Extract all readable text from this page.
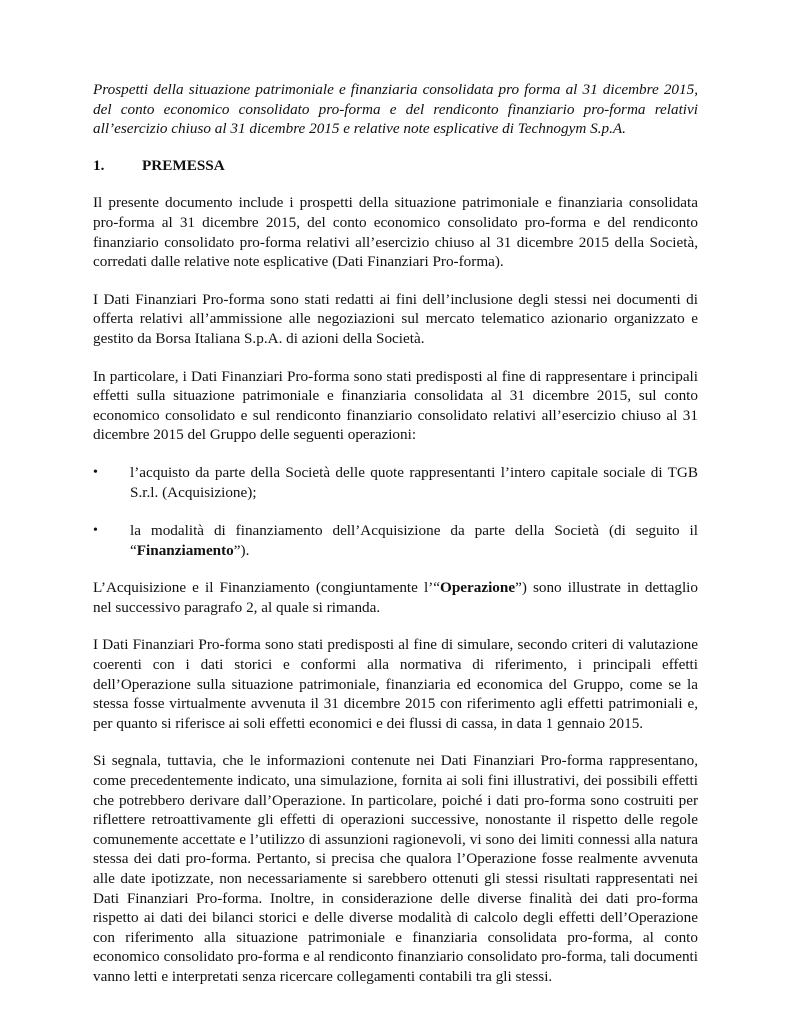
Prospetti della situazione patrimoniale e finanziaria consolidata pro forma al 31 dicembre 2015, del conto economico consolidato pro-forma e del rendiconto finanziario pro-forma relativi all’esercizio chiuso al 31 dicembre 2015 e relative note esplicative di Technogym S.p.A.

1.	PREMESSA

Il presente documento include i prospetti della situazione patrimoniale e finanziaria consolidata pro-forma al 31 dicembre 2015, del conto economico consolidato pro-forma e del rendiconto finanziario consolidato pro-forma relativi all’esercizio chiuso al 31 dicembre 2015 della Società, corredati dalle relative note esplicative (Dati Finanziari Pro-forma).

I Dati Finanziari Pro-forma sono stati redatti ai fini dell’inclusione degli stessi nei documenti di offerta relativi all’ammissione alle negoziazioni sul mercato telematico azionario organizzato e gestito da Borsa Italiana S.p.A. di azioni della Società.

In particolare, i Dati Finanziari Pro-forma sono stati predisposti al fine di rappresentare i principali effetti sulla situazione patrimoniale e finanziaria consolidata al 31 dicembre 2015, sul conto economico consolidato e sul rendiconto finanziario consolidato relativi all’esercizio chiuso al 31 dicembre 2015 del Gruppo delle seguenti operazioni:

•	l’acquisto da parte della Società delle quote rappresentanti l’intero capitale sociale di TGB S.r.l. (Acquisizione);
•	la modalità di finanziamento dell’Acquisizione da parte della Società (di seguito il “Finanziamento”).

L’Acquisizione e il Finanziamento (congiuntamente l’“Operazione”) sono illustrate in dettaglio nel successivo paragrafo 2, al quale si rimanda.

I Dati Finanziari Pro-forma sono stati predisposti al fine di simulare, secondo criteri di valutazione coerenti con i dati storici e conformi alla normativa di riferimento, i principali effetti dell’Operazione sulla situazione patrimoniale, finanziaria ed economica del Gruppo, come se la stessa fosse virtualmente avvenuta il 31 dicembre 2015 con riferimento agli effetti patrimoniali e, per quanto si riferisce ai soli effetti economici e dei flussi di cassa, in data 1 gennaio 2015.

Si segnala, tuttavia, che le informazioni contenute nei Dati Finanziari Pro-forma rappresentano, come precedentemente indicato, una simulazione, fornita ai soli fini illustrativi, dei possibili effetti che potrebbero derivare dall’Operazione. In particolare, poiché i dati pro-forma sono costruiti per riflettere retroattivamente gli effetti di operazioni successive, nonostante il rispetto delle regole comunemente accettate e l’utilizzo di assunzioni ragionevoli, vi sono dei limiti connessi alla natura stessa dei dati pro-forma. Pertanto, si precisa che qualora l’Operazione fosse realmente avvenuta alle date ipotizzate, non necessariamente si sarebbero ottenuti gli stessi risultati rappresentati nei Dati Finanziari Pro-forma. Inoltre, in considerazione delle diverse finalità dei dati pro-forma rispetto ai dati dei bilanci storici e delle diverse modalità di calcolo degli effetti dell’Operazione con riferimento alla situazione patrimoniale e finanziaria consolidata pro-forma, al conto economico consolidato pro-forma e al rendiconto finanziario consolidato pro-forma, tali documenti vanno letti e interpretati senza ricercare collegamenti contabili tra gli stessi.
